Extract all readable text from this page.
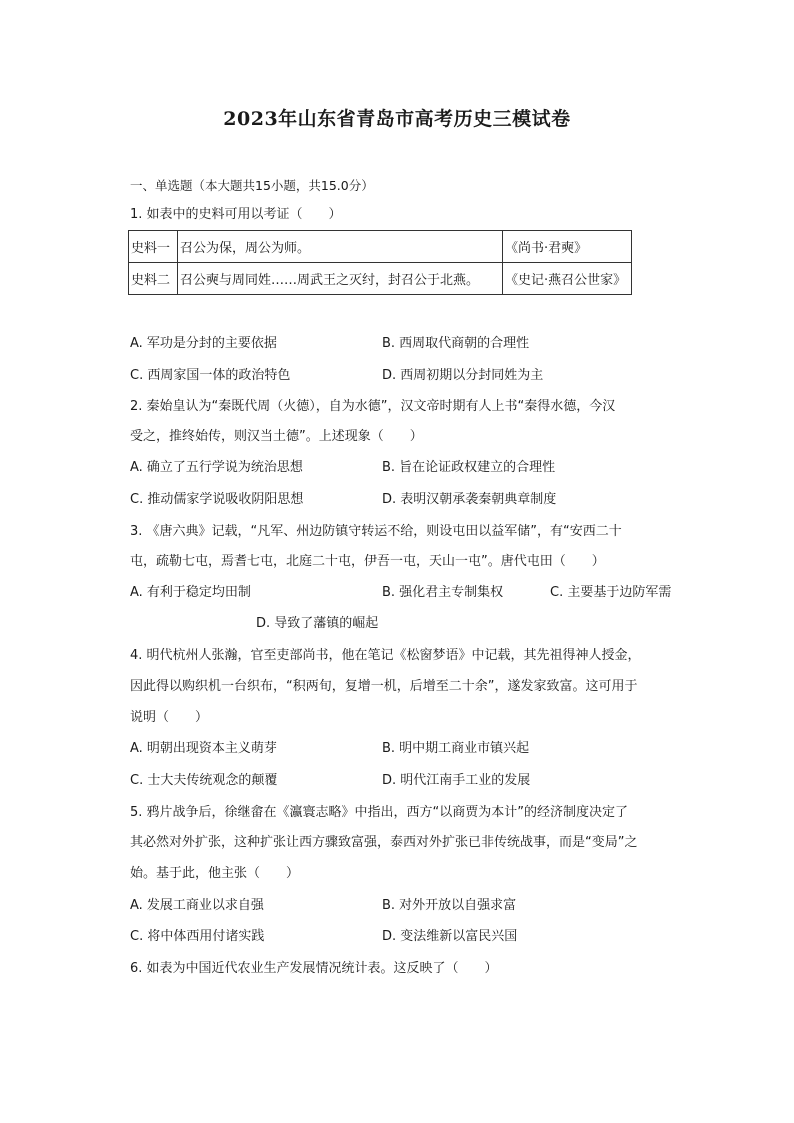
2023年山东省青岛市高考历史三模试卷
一、单选题（本大题共15小题，共15.0分）
1. 如表中的史料可用以考证（　　）
史料一	召公为保，周公为师。	《尚书·君奭》
史料二	召公奭与周同姓……周武王之灭纣，封召公于北燕。	《史记·燕召公世家》
A. 军功是分封的主要依据	B. 西周取代商朝的合理性
C. 西周家国一体的政治特色	D. 西周初期以分封同姓为主
2. 秦始皇认为“秦既代周（火德），自为水德”，汉文帝时期有人上书“秦得水德，今汉
受之，推终始传，则汉当土德”。上述现象（　　）
A. 确立了五行学说为统治思想	B. 旨在论证政权建立的合理性
C. 推动儒家学说吸收阴阳思想	D. 表明汉朝承袭秦朝典章制度
3. 《唐六典》记载，“凡军、州边防镇守转运不给，则设屯田以益军储”，有“安西二十
屯，疏勒七屯，焉耆七屯，北庭二十屯，伊吾一屯，天山一屯”。唐代屯田（　　）
A. 有利于稳定均田制	B. 强化君主专制集权	C. 主要基于边防军需
D. 导致了藩镇的崛起
4. 明代杭州人张瀚，官至吏部尚书，他在笔记《松窗梦语》中记载，其先祖得神人授金，
因此得以购织机一台织布，“积两旬，复增一机，后增至二十余”，遂发家致富。这可用于
说明（　　）
A. 明朝出现资本主义萌芽	B. 明中期工商业市镇兴起
C. 士大夫传统观念的颠覆	D. 明代江南手工业的发展
5. 鸦片战争后，徐继畲在《瀛寰志略》中指出，西方“以商贾为本计”的经济制度决定了
其必然对外扩张，这种扩张让西方骤致富强，泰西对外扩张已非传统战事，而是“变局”之
始。基于此，他主张（　　）
A. 发展工商业以求自强	B. 对外开放以自强求富
C. 将中体西用付诸实践	D. 变法维新以富民兴国
6. 如表为中国近代农业生产发展情况统计表。这反映了（　　）
